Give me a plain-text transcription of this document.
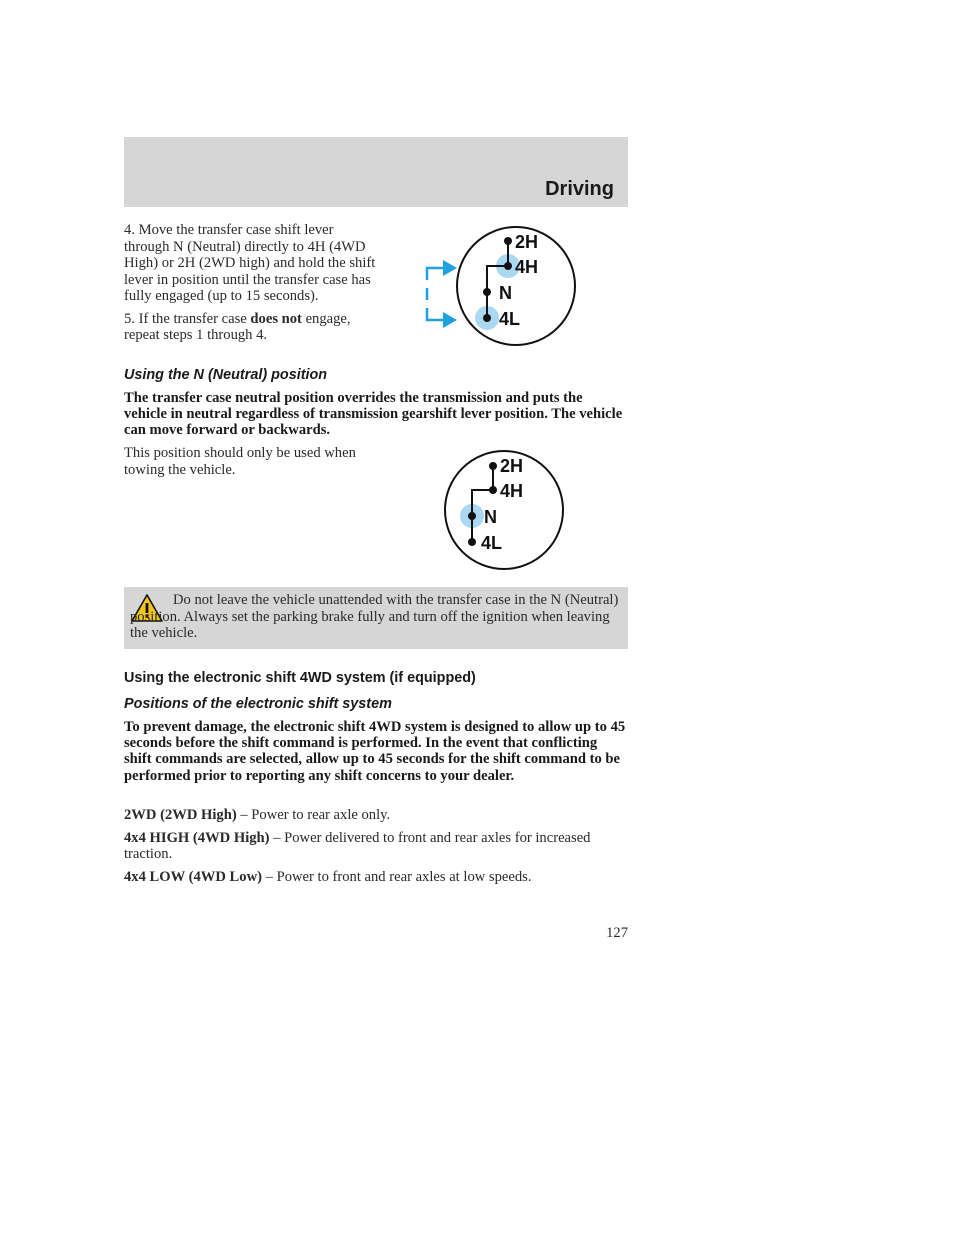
Driving

4. Move the transfer case shift lever through N (Neutral) directly to 4H (4WD High) or 2H (2WD high) and hold the shift lever in position until the transfer case has fully engaged (up to 15 seconds).

5. If the transfer case does not engage, repeat steps 1 through 4.

2H
4H
N
4L
Using the N (Neutral) position
The transfer case neutral position overrides the transmission and puts the vehicle in neutral regardless of transmission gearshift lever position. The vehicle can move forward or backwards.
This position should only be used when towing the vehicle.	2H
4H
N
4L
Do not leave the vehicle unattended with the transfer case in the N (Neutral) position. Always set the parking brake fully and turn off the ignition when leaving the vehicle.
Using the electronic shift 4WD system (if equipped)
Positions of the electronic shift system
To prevent damage, the electronic shift 4WD system is designed to allow up to 45 seconds before the shift command is performed. In the event that conflicting shift commands are selected, allow up to 45 seconds for the shift command to be performed prior to reporting any shift concerns to your dealer.

2WD (2WD High) – Power to rear axle only.

4x4 HIGH (4WD High) – Power delivered to front and rear axles for increased traction.

4x4 LOW (4WD Low) – Power to front and rear axles at low speeds.

127
